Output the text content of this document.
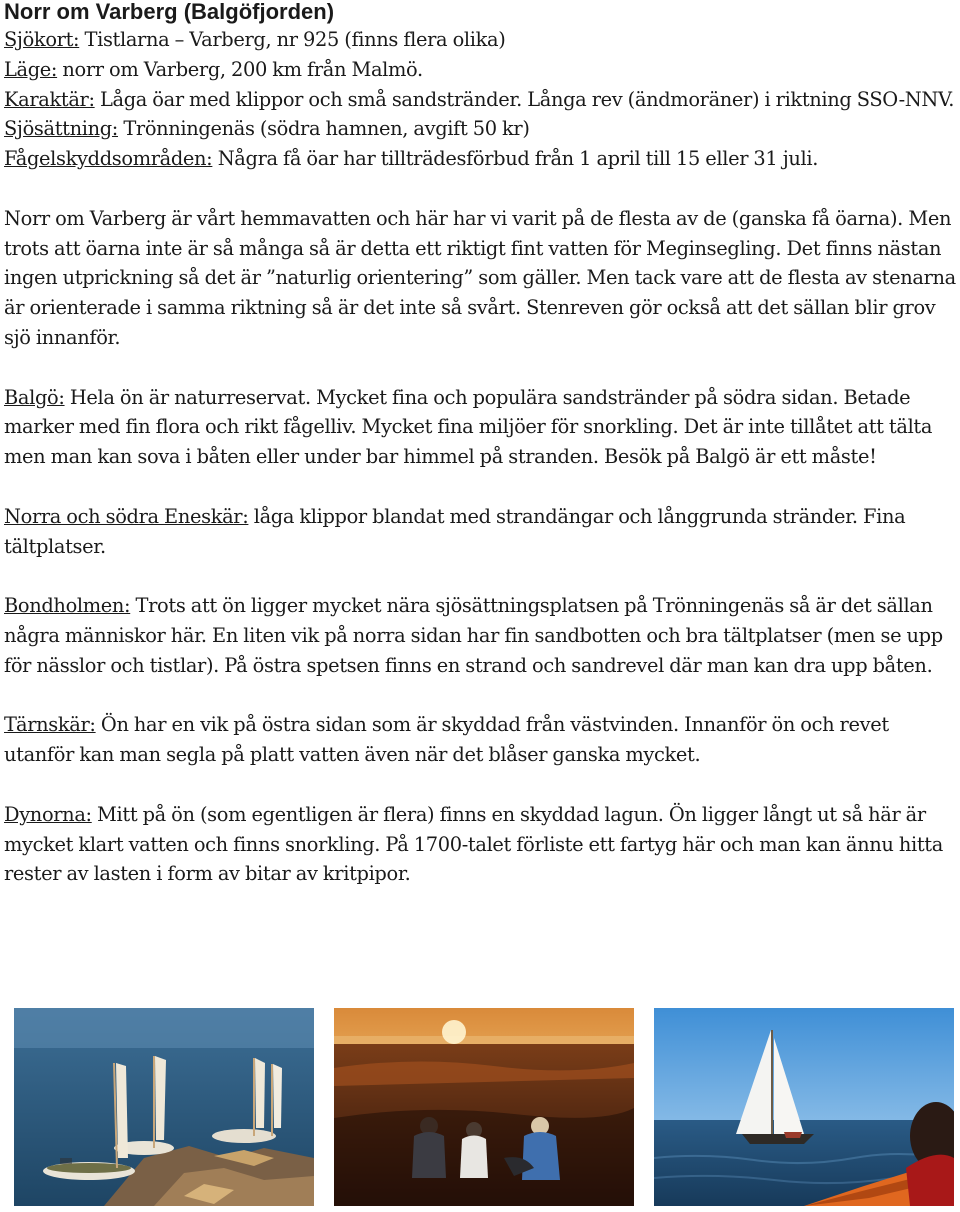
Norr om Varberg (Balgöfjorden)

Sjökort: Tistlarna – Varberg, nr 925 (finns flera olika)

Läge: norr om Varberg, 200 km från Malmö.

Karaktär: Låga öar med klippor och små sandstränder. Långa rev (ändmoräner) i riktning SSO-NNV.

Sjösättning: Trönningenäs (södra hamnen, avgift 50 kr)

Fågelskyddsområden: Några få öar har tillträdesförbud från 1 april till 15 eller 31 juli.

Norr om Varberg är vårt hemmavatten och här har vi varit på de flesta av de (ganska få öarna). Men trots att öarna inte är så många så är detta ett riktigt fint vatten för Meginsegling. Det finns nästan ingen utprickning så det är ”naturlig orientering” som gäller. Men tack vare att de flesta av stenarna är orienterade i samma riktning så är det inte så svårt. Stenreven gör också att det sällan blir grov sjö innanför.

Balgö: Hela ön är naturreservat. Mycket fina och populära sandstränder på södra sidan. Betade marker med fin flora och rikt fågelliv. Mycket fina miljöer för snorkling. Det är inte tillåtet att tälta men man kan sova i båten eller under bar himmel på stranden. Besök på Balgö är ett måste!

Norra och södra Eneskär: låga klippor blandat med strandängar och långgrunda stränder. Fina tältplatser.

Bondholmen: Trots att ön ligger mycket nära sjösättningsplatsen på Trönningenäs så är det sällan några människor här. En liten vik på norra sidan har fin sandbotten och bra tältplatser (men se upp för nässlor och tistlar). På östra spetsen finns en strand och sandrevel där man kan dra upp båten.

Tärnskär: Ön har en vik på östra sidan som är skyddad från västvinden. Innanför ön och revet utanför kan man segla på platt vatten även när det blåser ganska mycket.

Dynorna: Mitt på ön (som egentligen är flera) finns en skyddad lagun. Ön ligger långt ut så här är mycket klart vatten och finns snorkling. På 1700-talet förliste ett fartyg här och man kan ännu hitta rester av lasten i form av bitar av kritpipor.
